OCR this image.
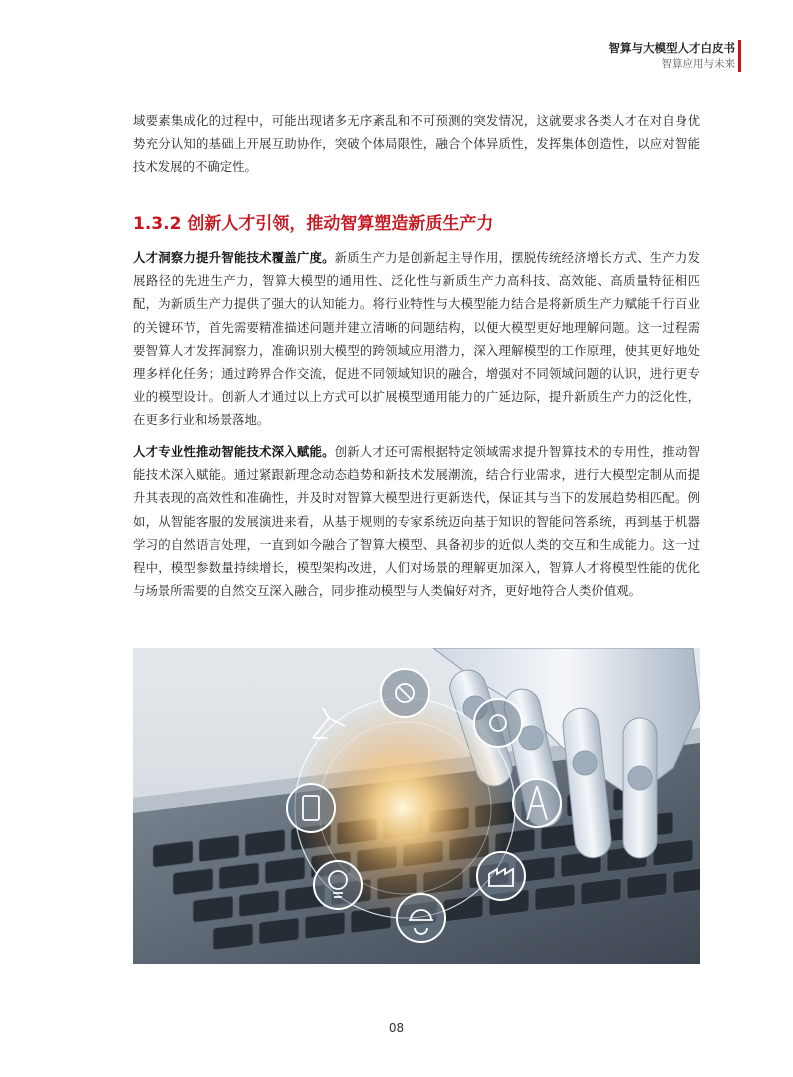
智算与大模型人才白皮书
智算应用与未来

域要素集成化的过程中，可能出现诸多无序紊乱和不可预测的突发情况，这就要求各类人才在对自身优势充分认知的基础上开展互助协作，突破个体局限性，融合个体异质性，发挥集体创造性，以应对智能技术发展的不确定性。

1.3.2 创新人才引领，推动智算塑造新质生产力

人才洞察力提升智能技术覆盖广度。新质生产力是创新起主导作用，摆脱传统经济增长方式、生产力发展路径的先进生产力，智算大模型的通用性、泛化性与新质生产力高科技、高效能、高质量特征相匹配，为新质生产力提供了强大的认知能力。将行业特性与大模型能力结合是将新质生产力赋能千行百业的关键环节，首先需要精准描述问题并建立清晰的问题结构，以便大模型更好地理解问题。这一过程需要智算人才发挥洞察力，准确识别大模型的跨领域应用潜力，深入理解模型的工作原理，使其更好地处理多样化任务；通过跨界合作交流，促进不同领域知识的融合，增强对不同领域问题的认识，进行更专业的模型设计。创新人才通过以上方式可以扩展模型通用能力的广延边际，提升新质生产力的泛化性，在更多行业和场景落地。

人才专业性推动智能技术深入赋能。创新人才还可需根据特定领域需求提升智算技术的专用性，推动智能技术深入赋能。通过紧跟新理念动态趋势和新技术发展潮流，结合行业需求，进行大模型定制从而提升其表现的高效性和准确性，并及时对智算大模型进行更新迭代，保证其与当下的发展趋势相匹配。例如，从智能客服的发展演进来看，从基于规则的专家系统迈向基于知识的智能问答系统，再到基于机器学习的自然语言处理，一直到如今融合了智算大模型、具备初步的近似人类的交互和生成能力。这一过程中，模型参数量持续增长，模型架构改进，人们对场景的理解更加深入，智算人才将模型性能的优化与场景所需要的自然交互深入融合，同步推动模型与人类偏好对齐，更好地符合人类价值观。

08
